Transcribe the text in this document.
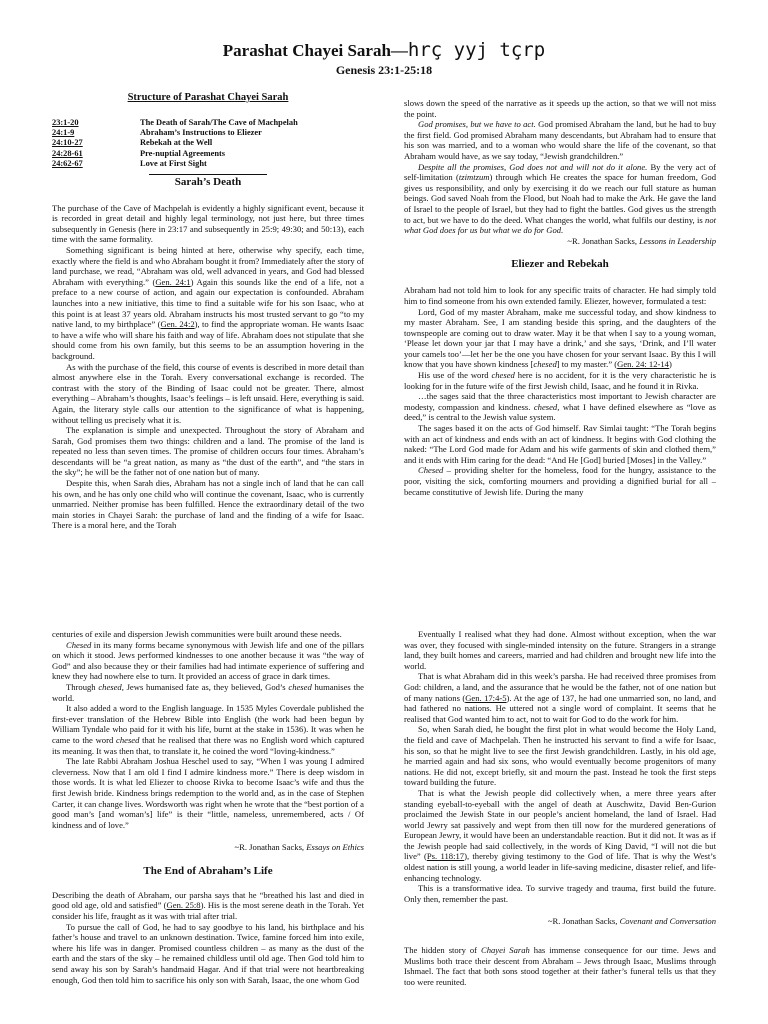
Parashat Chayei Sarah—hrç yyj tçrp
Genesis 23:1-25:18
Structure of Parashat Chayei Sarah
23:1-20	The Death of Sarah/The Cave of Machpelah
24:1-9	Abraham’s Instructions to Eliezer
24:10-27	Rebekah at the Well
24:28-61	Pre-nuptial Agreements
24:62-67	Love at First Sight
Sarah’s Death

The purchase of the Cave of Machpelah is evidently a highly significant event, because it is recorded in great detail and highly legal terminology, not just here, but three times subsequently in Genesis (here in 23:17 and subsequently in 25:9; 49:30; and 50:13), each time with the same formality.

Something significant is being hinted at here, otherwise why specify, each time, exactly where the field is and who Abraham bought it from? Immediately after the story of land purchase, we read, “Abraham was old, well advanced in years, and God had blessed Abraham with everything.” (Gen. 24:1) Again this sounds like the end of a life, not a preface to a new course of action, and again our expectation is confounded. Abraham launches into a new initiative, this time to find a suitable wife for his son Isaac, who at this point is at least 37 years old. Abraham instructs his most trusted servant to go “to my native land, to my birthplace” (Gen. 24:2), to find the appropriate woman. He wants Isaac to have a wife who will share his faith and way of life. Abraham does not stipulate that she should come from his own family, but this seems to be an assumption hovering in the background.

As with the purchase of the field, this course of events is described in more detail than almost anywhere else in the Torah. Every conversational exchange is recorded. The contrast with the story of the Binding of Isaac could not be greater. There, almost everything – Abraham’s thoughts, Isaac’s feelings – is left unsaid. Here, everything is said. Again, the literary style calls our attention to the significance of what is happening, without telling us precisely what it is.

The explanation is simple and unexpected. Throughout the story of Abraham and Sarah, God promises them two things: children and a land. The promise of the land is repeated no less than seven times. The promise of children occurs four times. Abraham’s descendants will be “a great nation, as many as “the dust of the earth”, and “the stars in the sky”; he will be the father not of one nation but of many.

Despite this, when Sarah dies, Abraham has not a single inch of land that he can call his own, and he has only one child who will continue the covenant, Isaac, who is currently unmarried. Neither promise has been fulfilled. Hence the extraordinary detail of the two main stories in Chayei Sarah: the purchase of land and the finding of a wife for Isaac. There is a moral here, and the Torah

slows down the speed of the narrative as it speeds up the action, so that we will not miss the point.

God promises, but we have to act. God promised Abraham the land, but he had to buy the first field. God promised Abraham many descendants, but Abraham had to ensure that his son was married, and to a woman who would share the life of the covenant, so that Abraham would have, as we say today, “Jewish grandchildren.”

Despite all the promises, God does not and will not do it alone. By the very act of self-limitation (tzimtzum) through which He creates the space for human freedom, God gives us responsibility, and only by exercising it do we reach our full stature as human beings. God saved Noah from the Flood, but Noah had to make the Ark. He gave the land of Israel to the people of Israel, but they had to fight the battles. God gives us the strength to act, but we have to do the deed. What changes the world, what fulfils our destiny, is not what God does for us but what we do for God.

~R. Jonathan Sacks, Lessons in Leadership

Eliezer and Rebekah

Abraham had not told him to look for any specific traits of character. He had simply told him to find someone from his own extended family. Eliezer, however, formulated a test:

Lord, God of my master Abraham, make me successful today, and show kindness to my master Abraham. See, I am standing beside this spring, and the daughters of the townspeople are coming out to draw water. May it be that when I say to a young woman, ‘Please let down your jar that I may have a drink,’ and she says, ‘Drink, and I’ll water your camels too’—let her be the one you have chosen for your servant Isaac. By this I will know that you have shown kindness [chesed] to my master.” (Gen. 24: 12-14)

His use of the word chesed here is no accident, for it is the very characteristic he is looking for in the future wife of the first Jewish child, Isaac, and he found it in Rivka.

…the sages said that the three characteristics most important to Jewish character are modesty, compassion and kindness. chesed, what I have defined elsewhere as “love as deed,” is central to the Jewish value system.

The sages based it on the acts of God himself. Rav Simlai taught: “The Torah begins with an act of kindness and ends with an act of kindness. It begins with God clothing the naked: “The Lord God made for Adam and his wife garments of skin and clothed them,” and it ends with Him caring for the dead: “And He [God] buried [Moses] in the Valley.”

Chesed – providing shelter for the homeless, food for the hungry, assistance to the poor, visiting the sick, comforting mourners and providing a dignified burial for all – became constitutive of Jewish life. During the many

centuries of exile and dispersion Jewish communities were built around these needs.

Chesed in its many forms became synonymous with Jewish life and one of the pillars on which it stood. Jews performed kindnesses to one another because it was “the way of God” and also because they or their families had had intimate experience of suffering and knew they had nowhere else to turn. It provided an access of grace in dark times.

Through chesed, Jews humanised fate as, they believed, God’s chesed humanises the world.

It also added a word to the English language. In 1535 Myles Coverdale published the first-ever translation of the Hebrew Bible into English (the work had been begun by William Tyndale who paid for it with his life, burnt at the stake in 1536). It was when he came to the word chesed that he realised that there was no English word which captured its meaning. It was then that, to translate it, he coined the word “loving-kindness.”

The late Rabbi Abraham Joshua Heschel used to say, “When I was young I admired cleverness. Now that I am old I find I admire kindness more.” There is deep wisdom in those words. It is what led Eliezer to choose Rivka to become Isaac’s wife and thus the first Jewish bride. Kindness brings redemption to the world and, as in the case of Stephen Carter, it can change lives. Wordsworth was right when he wrote that the “best portion of a good man’s [and woman’s] life” is their “little, nameless, unremembered, acts / Of kindness and of love.”

~R. Jonathan Sacks, Essays on Ethics

The End of Abraham’s Life

Describing the death of Abraham, our parsha says that he “breathed his last and died in good old age, old and satisfied” (Gen. 25:8). His is the most serene death in the Torah. Yet consider his life, fraught as it was with trial after trial.

To pursue the call of God, he had to say goodbye to his land, his birthplace and his father’s house and travel to an unknown destination. Twice, famine forced him into exile, where his life was in danger. Promised countless children – as many as the dust of the earth and the stars of the sky – he remained childless until old age. Then God told him to send away his son by Sarah’s handmaid Hagar. And if that trial were not heartbreaking enough, God then told him to sacrifice his only son with Sarah, Isaac, the one whom God

Eventually I realised what they had done. Almost without exception, when the war was over, they focused with single-minded intensity on the future. Strangers in a strange land, they built homes and careers, married and had children and brought new life into the world.

That is what Abraham did in this week’s parsha. He had received three promises from God: children, a land, and the assurance that he would be the father, not of one nation but of many nations (Gen. 17:4-5). At the age of 137, he had one unmarried son, no land, and had fathered no nations. He uttered not a single word of complaint. It seems that he realised that God wanted him to act, not to wait for God to do the work for him.

So, when Sarah died, he bought the first plot in what would become the Holy Land, the field and cave of Machpelah. Then he instructed his servant to find a wife for Isaac, his son, so that he might live to see the first Jewish grandchildren. Lastly, in his old age, he married again and had six sons, who would eventually become progenitors of many nations. He did not, except briefly, sit and mourn the past. Instead he took the first steps toward building the future.

That is what the Jewish people did collectively when, a mere three years after standing eyeball-to-eyeball with the angel of death at Auschwitz, David Ben-Gurion proclaimed the Jewish State in our people’s ancient homeland, the land of Israel. Had world Jewry sat passively and wept from then till now for the murdered generations of European Jewry, it would have been an understandable reaction. But it did not. It was as if the Jewish people had said collectively, in the words of King David, “I will not die but live” (Ps. 118:17), thereby giving testimony to the God of life. That is why the West’s oldest nation is still young, a world leader in life-saving medicine, disaster relief, and life-enhancing technology.

This is a transformative idea. To survive tragedy and trauma, first build the future. Only then, remember the past.

~R. Jonathan Sacks, Covenant and Conversation

The hidden story of Chayei Sarah has immense consequence for our time. Jews and Muslims both trace their descent from Abraham – Jews through Isaac, Muslims through Ishmael. The fact that both sons stood together at their father’s funeral tells us that they too were reunited.
